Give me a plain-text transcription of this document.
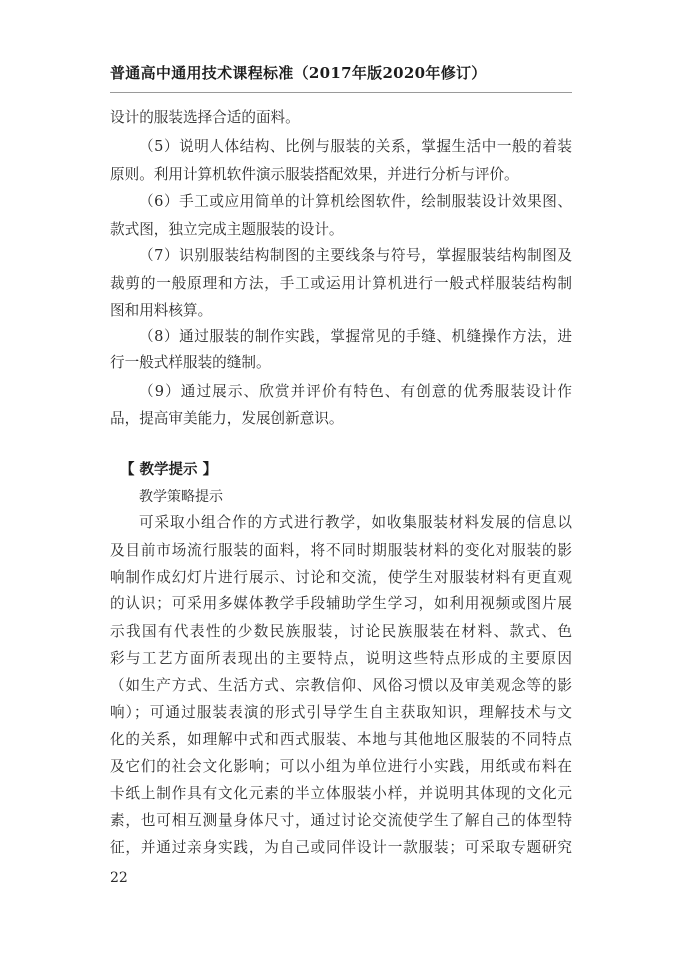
普通高中通用技术课程标准（2017年版2020年修订）
设计的服装选择合适的面料。
（5）说明人体结构、比例与服装的关系，掌握生活中一般的着装
原则。利用计算机软件演示服装搭配效果，并进行分析与评价。
（6）手工或应用简单的计算机绘图软件，绘制服装设计效果图、
款式图，独立完成主题服装的设计。
（7）识别服装结构制图的主要线条与符号，掌握服装结构制图及
裁剪的一般原理和方法，手工或运用计算机进行一般式样服装结构制
图和用料核算。
（8）通过服装的制作实践，掌握常见的手缝、机缝操作方法，进
行一般式样服装的缝制。
（9）通过展示、欣赏并评价有特色、有创意的优秀服装设计作
品，提高审美能力，发展创新意识。
【 教学提示 】
教学策略提示
可采取小组合作的方式进行教学，如收集服装材料发展的信息以
及目前市场流行服装的面料，将不同时期服装材料的变化对服装的影
响制作成幻灯片进行展示、讨论和交流，使学生对服装材料有更直观
的认识；可采用多媒体教学手段辅助学生学习，如利用视频或图片展
示我国有代表性的少数民族服装，讨论民族服装在材料、款式、色
彩与工艺方面所表现出的主要特点，说明这些特点形成的主要原因
（如生产方式、生活方式、宗教信仰、风俗习惯以及审美观念等的影
响）；可通过服装表演的形式引导学生自主获取知识，理解技术与文
化的关系，如理解中式和西式服装、本地与其他地区服装的不同特点
及它们的社会文化影响；可以小组为单位进行小实践，用纸或布料在
卡纸上制作具有文化元素的半立体服装小样，并说明其体现的文化元
素，也可相互测量身体尺寸，通过讨论交流使学生了解自己的体型特
征，并通过亲身实践，为自己或同伴设计一款服装；可采取专题研究
22
